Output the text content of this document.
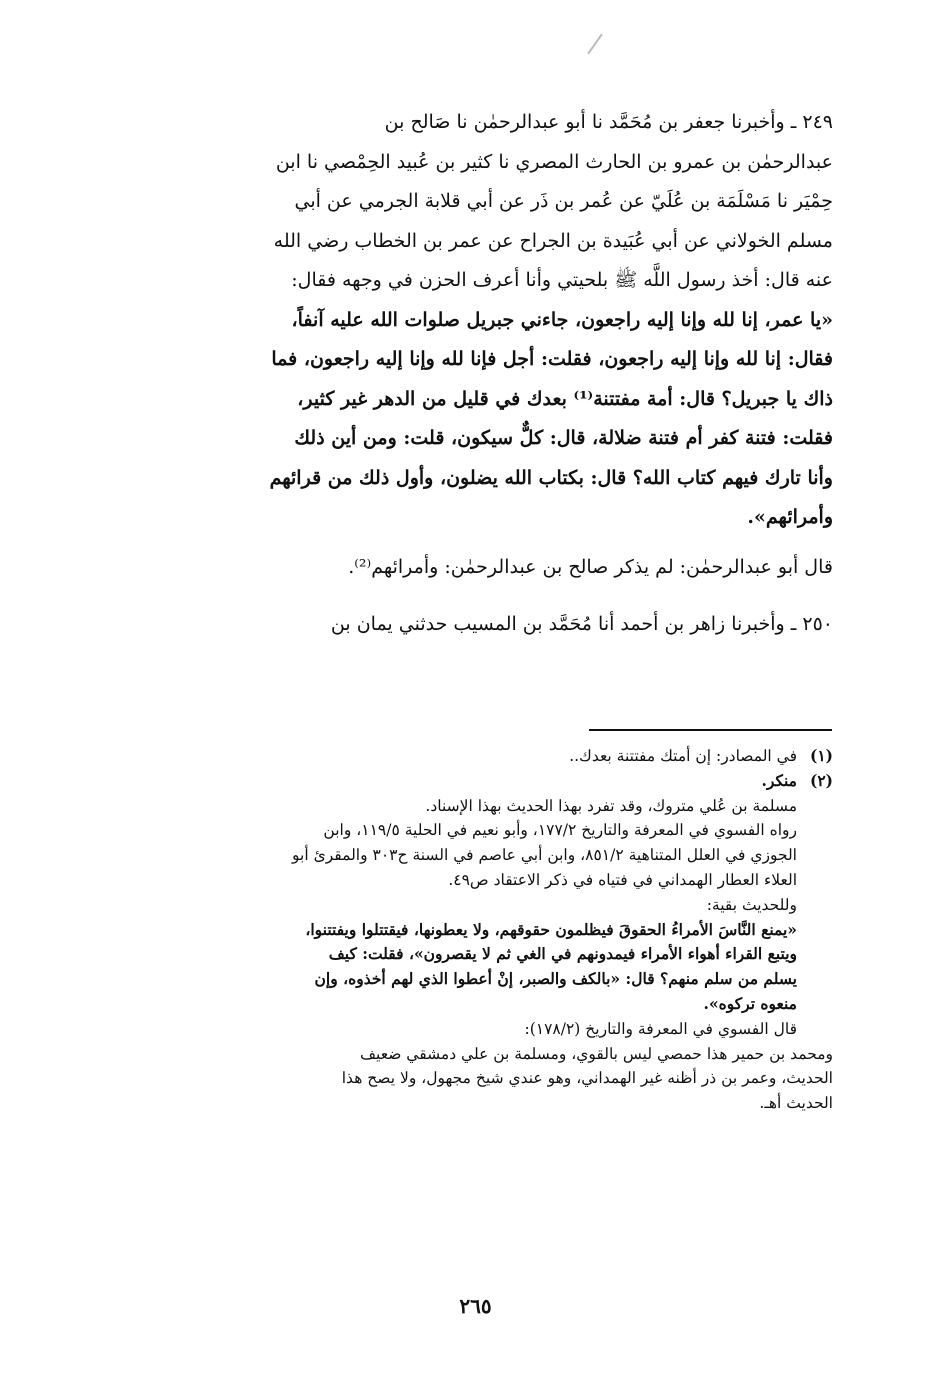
٢٤٩ ـ وأخبرنا جعفر بن مُحَمَّد نا أبو عبدالرحمٰن نا صَالح بن
عبدالرحمٰن بن عمرو بن الحارث المصري نا كثير بن عُبيد الحِمْصي نا ابن
حِمْيَر نا مَسْلَمَة بن عُلَيّ عن عُمر بن ذَر عن أبي قلابة الجرمي عن أبي
مسلم الخولاني عن أبي عُبَيدة بن الجراح عن عمر بن الخطاب رضي الله
عنه قال: أخذ رسول اللَّه ﷺ بلحيتي وأنا أعرف الحزن في وجهه فقال:
«يا عمر، إنا لله وإنا إليه راجعون، جاءني جبريل صلوات الله عليه آنفاً،
فقال: إنا لله وإنا إليه راجعون، فقلت: أجل فإنا لله وإنا إليه راجعون، فما
ذاك يا جبريل؟ قال: أمة مفتتنة⁽¹⁾ بعدك في قليل من الدهر غير كثير،
فقلت: فتنة كفر أم فتنة ضلالة، قال: كلٌّ سيكون، قلت: ومن أين ذلك
وأنا تارك فيهم كتاب الله؟ قال: بكتاب الله يضلون، وأول ذلك من قرائهم
وأمرائهم».
قال أبو عبدالرحمٰن: لم يذكر صالح بن عبدالرحمٰن: وأمرائهم⁽²⁾.
٢٥٠ ـ وأخبرنا زاهر بن أحمد أنا مُحَمَّد بن المسيب حدثني يمان بن
(١)في المصادر: إن أمتك مفتتنة بعدك..
(٢)منكر.
مسلمة بن عُلي متروك، وقد تفرد بهذا الحديث بهذا الإسناد.
رواه الفسوي في المعرفة والتاريخ ١٧٧/٢، وأبو نعيم في الحلية ١١٩/٥، وابن
الجوزي في العلل المتناهية ٨٥١/٢، وابن أبي عاصم في السنة ح٣٠٣ والمقرئ أبو
العلاء العطار الهمداني في فتياه في ذكر الاعتقاد ص٤٩.
وللحديث بقية:
«يمنع النَّاسَ الأمراءُ الحقوقَ فيظلمون حقوقهم، ولا يعطونها، فيقتتلوا ويفتتنوا،
ويتبع القراء أهواء الأمراء فيمدونهم في الغي ثم لا يقصرون»، فقلت: كيف
يسلم من سلم منهم؟ قال: «بالكف والصبر، إنْ أعطوا الذي لهم أخذوه، وإن
منعوه تركوه».
قال الفسوي في المعرفة والتاريخ (١٧٨/٢):
ومحمد بن حمير هذا حمصي ليس بالقوي، ومسلمة بن علي دمشقي ضعيف
الحديث، وعمر بن ذر أظنه غير الهمداني، وهو عندي شيخ مجهول، ولا يصح هذا
الحديث أهـ.
٢٦٥
